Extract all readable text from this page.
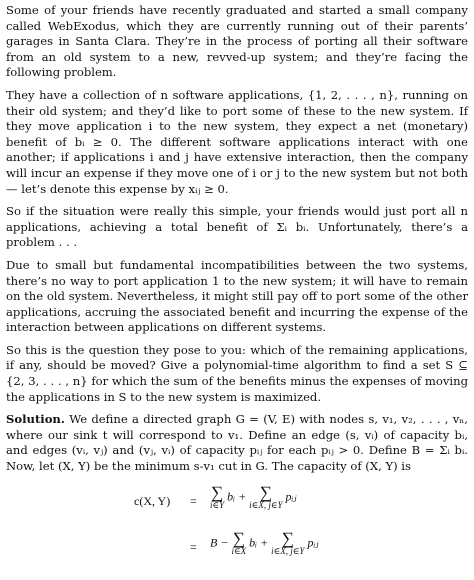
Some of your friends have recently graduated and started a small company called WebExodus, which they are currently running out of their parents’ garages in Santa Clara. They’re in the process of porting all their software from an old system to a new, revved-up system; and they’re facing the following problem.

They have a collection of n software applications, {1, 2, . . . , n}, running on their old system; and they’d like to port some of these to the new system. If they move application i to the new system, they expect a net (monetary) benefit of bᵢ ≥ 0. The different software applications interact with one another; if applications i and j have extensive interaction, then the company will incur an expense if they move one of i or j to the new system but not both — let’s denote this expense by xᵢⱼ ≥ 0.

So if the situation were really this simple, your friends would just port all n applications, achieving a total benefit of Σᵢ bᵢ. Unfortunately, there’s a problem . . .

Due to small but fundamental incompatibilities between the two systems, there’s no way to port application 1 to the new system; it will have to remain on the old system. Nevertheless, it might still pay off to port some of the other applications, accruing the associated benefit and incurring the expense of the interaction between applications on different systems.

So this is the question they pose to you: which of the remaining applications, if any, should be moved? Give a polynomial-time algorithm to find a set S ⊆ {2, 3, . . . , n} for which the sum of the benefits minus the expenses of moving the applications in S to the new system is maximized.

Solution. We define a directed graph G = (V, E) with nodes s, v₁, v₂, . . . , vₙ, where our sink t will correspond to v₁. Define an edge (s, vᵢ) of capacity bᵢ, and edges (vᵢ, vⱼ) and (vⱼ, vᵢ) of capacity pᵢⱼ for each pᵢⱼ > 0. Define B = Σᵢ bᵢ. Now, let (X, Y) be the minimum s-v₁ cut in G. The capacity of (X, Y) is

c(X, Y) = ∑
i∈Y
bᵢ + ∑
i∈X, j∈Y
pᵢⱼ
= B − ∑
i∈X
bᵢ + ∑
i∈X, j∈Y
pᵢⱼ
